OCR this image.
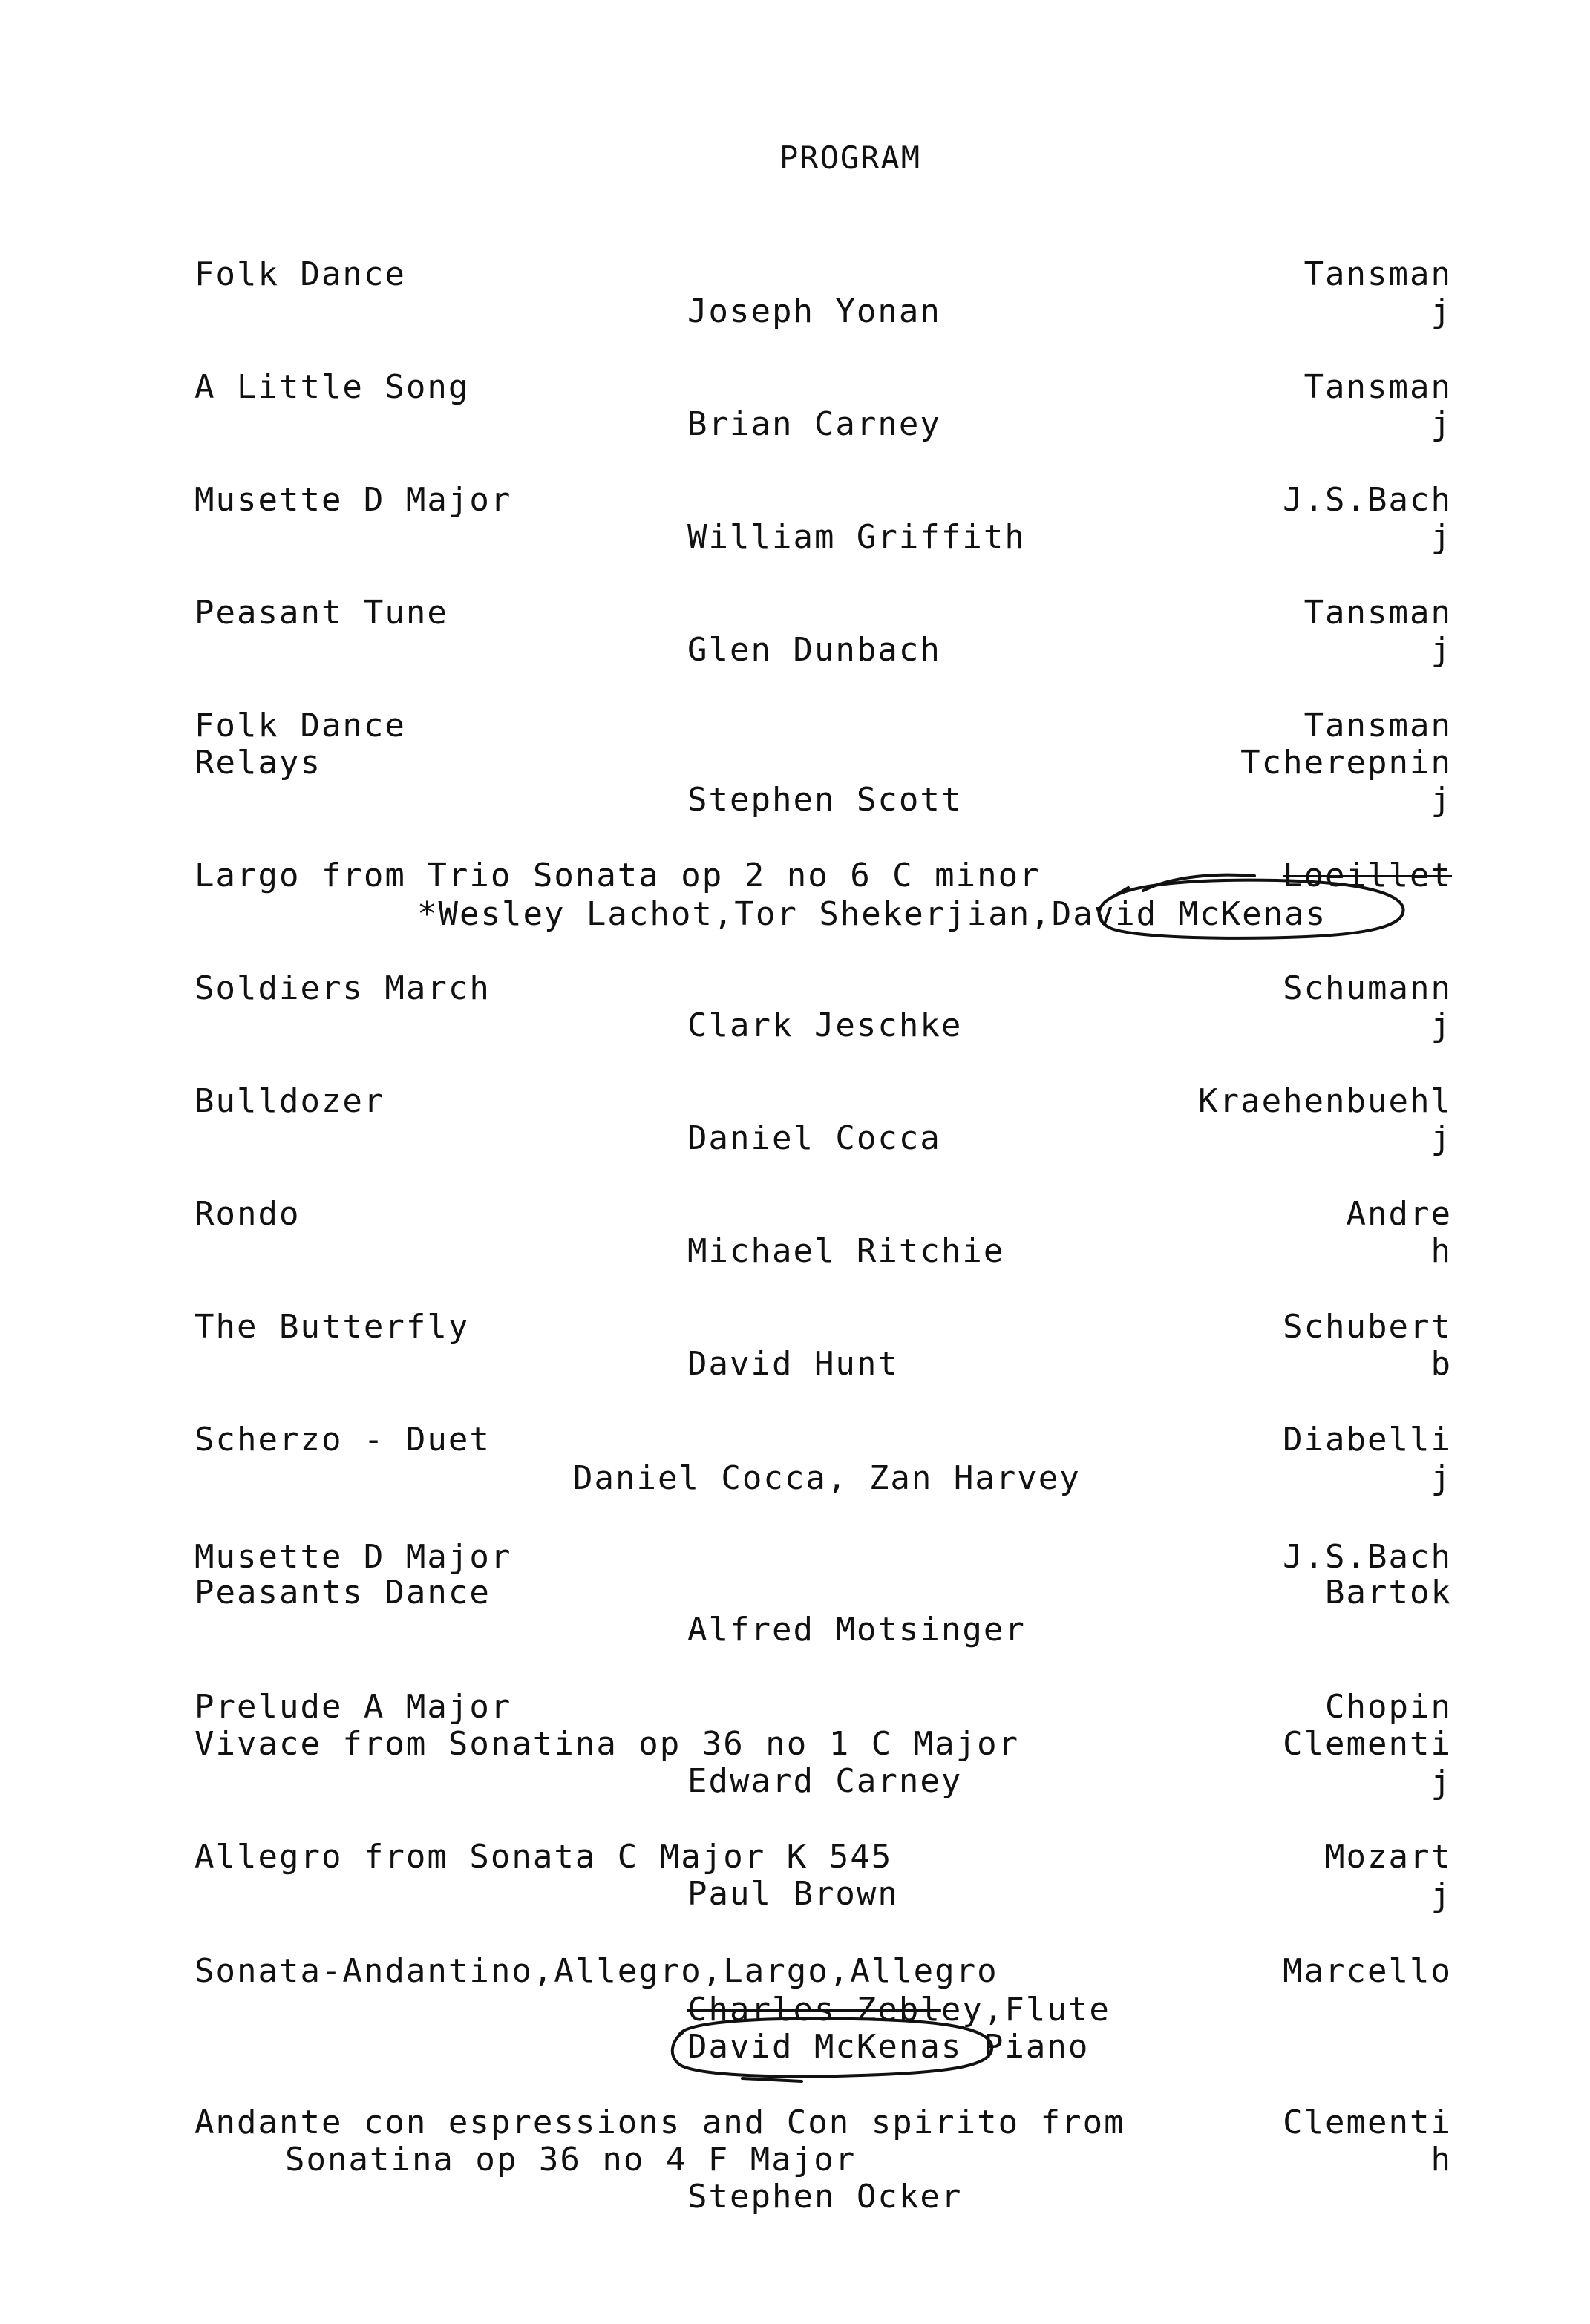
PROGRAM
Folk Dance	Tansman
Joseph Yonan	j
A Little Song	Tansman
Brian Carney	j
Musette D Major	J.S.Bach
William Griffith	j
Peasant Tune	Tansman
Glen Dunbach	j
Folk Dance	Tansman
Relays	Tcherepnin
Stephen Scott	j
Largo from Trio Sonata op 2 no 6 C minor	Loeillet
*Wesley Lachot,Tor Shekerjian,David McKenas
Soldiers March	Schumann
Clark Jeschke	j
Bulldozer	Kraehenbuehl
Daniel Cocca	j
Rondo	Andre
Michael Ritchie	h
The Butterfly	Schubert
David Hunt	b
Scherzo - Duet	Diabelli
Daniel Cocca, Zan Harvey	j
Musette D Major	J.S.Bach
Peasants Dance	Bartok
Alfred Motsinger
Prelude A Major	Chopin
Vivace from Sonatina op 36 no 1 C Major	Clementi
Edward Carney	j
Allegro from Sonata C Major K 545	Mozart
Paul Brown	j
Sonata-Andantino,Allegro,Largo,Allegro	Marcello
Charles Zebley,Flute
David McKenas Piano
Andante con espressions and Con spirito from	Clementi
Sonatina op 36 no 4 F Major	h
Stephen Ocker
